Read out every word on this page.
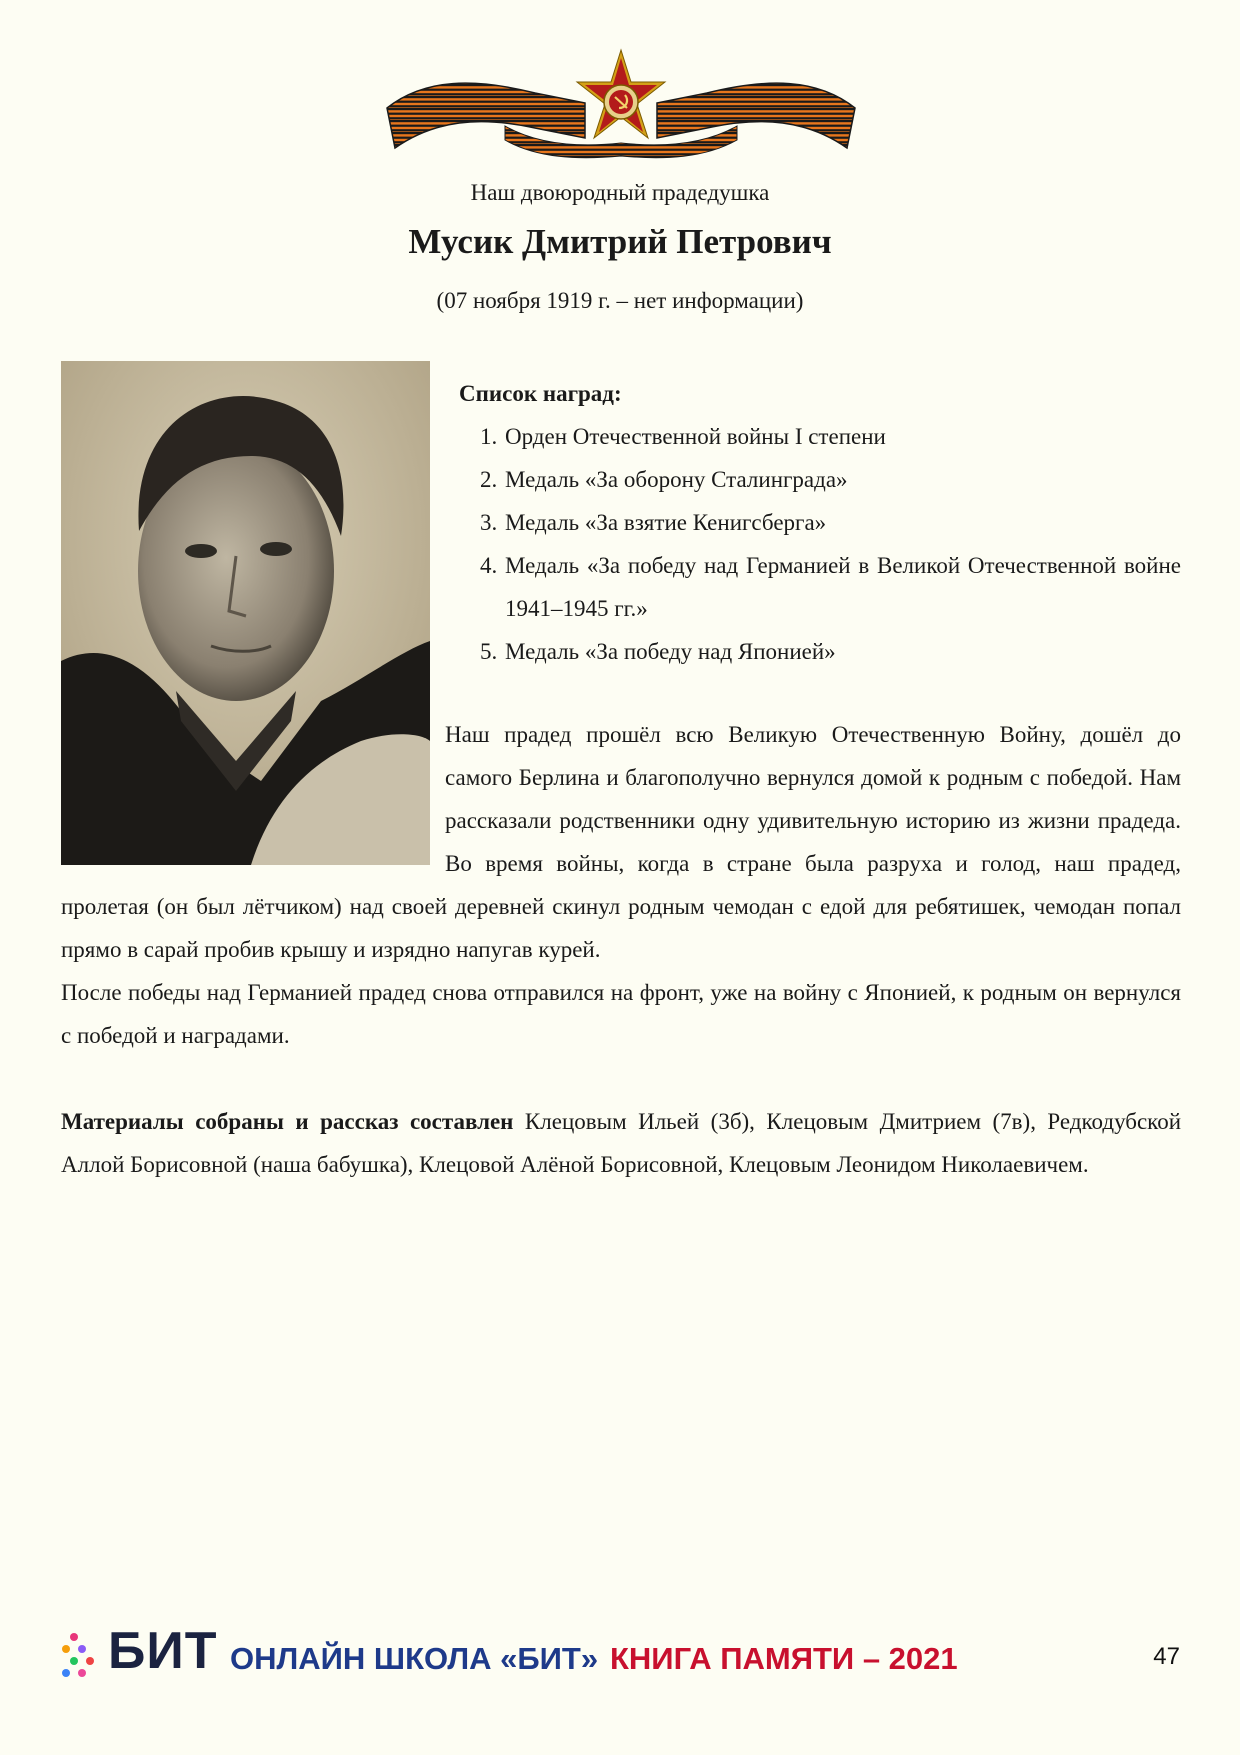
Наш двоюродный прадедушка
Мусик Дмитрий Петрович
(07 ноября 1919 г. – нет информации)

Список наград:

1. Орден Отечественной войны I степени
2. Медаль «За оборону Сталинграда»
3. Медаль «За взятие Кенигсберга»
4. Медаль «За победу над Германией в Великой Отечественной войне 1941–1945 гг.»
5. Медаль «За победу над Японией»

Наш прадед прошёл всю Великую Отечественную Войну, дошёл до самого Берлина и благополучно вернулся домой к родным с победой. Нам рассказали родственники одну удивительную историю из жизни прадеда. Во время войны, когда в стране была разруха и голод, наш прадед, пролетая (он был лётчиком) над своей деревней скинул родным чемодан с едой для ребятишек, чемодан попал прямо в сарай пробив крышу и изрядно напугав курей.

После победы над Германией прадед снова отправился на фронт, уже на войну с Японией, к родным он вернулся с победой и наградами.

Материалы собраны и рассказ составлен Клецовым Ильей (3б), Клецовым Дмитрием (7в), Редкодубской Аллой Борисовной (наша бабушка), Клецовой Алёной Борисовной, Клецовым Леонидом Николаевичем.
БИТ ОНЛАЙН ШКОЛА «БИТ» КНИГА ПАМЯТИ – 2021	47
